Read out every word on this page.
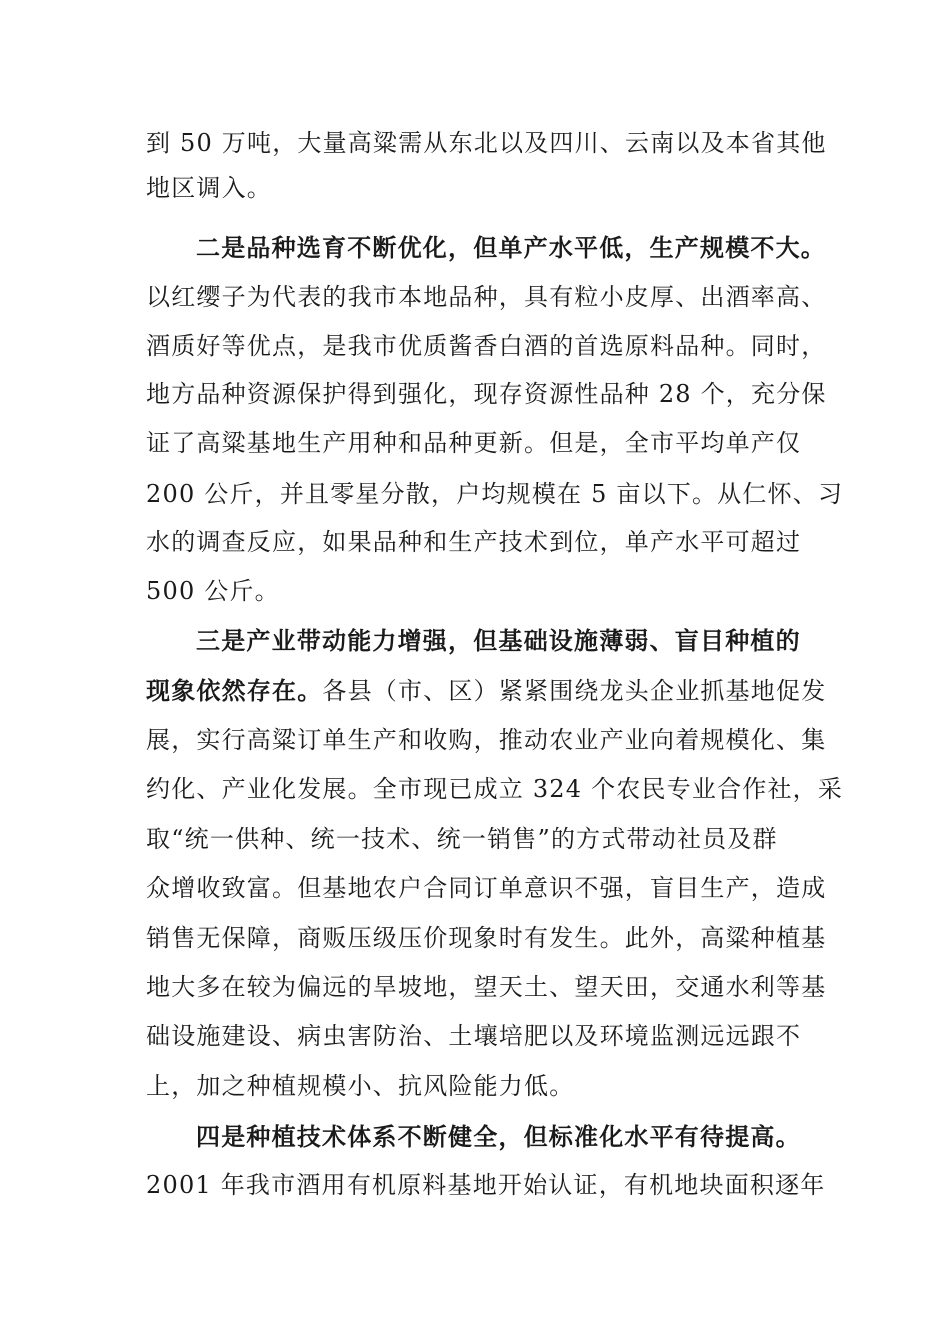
到 50 万吨，大量高粱需从东北以及四川、云南以及本省其他
地区调入。
二是品种选育不断优化，但单产水平低，生产规模不大。
以红缨子为代表的我市本地品种，具有粒小皮厚、出酒率高、
酒质好等优点，是我市优质酱香白酒的首选原料品种。同时，
地方品种资源保护得到强化，现存资源性品种 28 个，充分保
证了高粱基地生产用种和品种更新。但是，全市平均单产仅
200 公斤，并且零星分散，户均规模在 5 亩以下。从仁怀、习
水的调查反应，如果品种和生产技术到位，单产水平可超过
500 公斤。
三是产业带动能力增强，但基础设施薄弱、盲目种植的
现象依然存在。各县（市、区）紧紧围绕龙头企业抓基地促发
展，实行高粱订单生产和收购，推动农业产业向着规模化、集
约化、产业化发展。全市现已成立 324 个农民专业合作社，采
取“统一供种、统一技术、统一销售”的方式带动社员及群
众增收致富。但基地农户合同订单意识不强，盲目生产，造成
销售无保障，商贩压级压价现象时有发生。此外，高粱种植基
地大多在较为偏远的旱坡地，望天土、望天田，交通水利等基
础设施建设、病虫害防治、土壤培肥以及环境监测远远跟不
上，加之种植规模小、抗风险能力低。
四是种植技术体系不断健全，但标准化水平有待提高。
2001 年我市酒用有机原料基地开始认证，有机地块面积逐年
